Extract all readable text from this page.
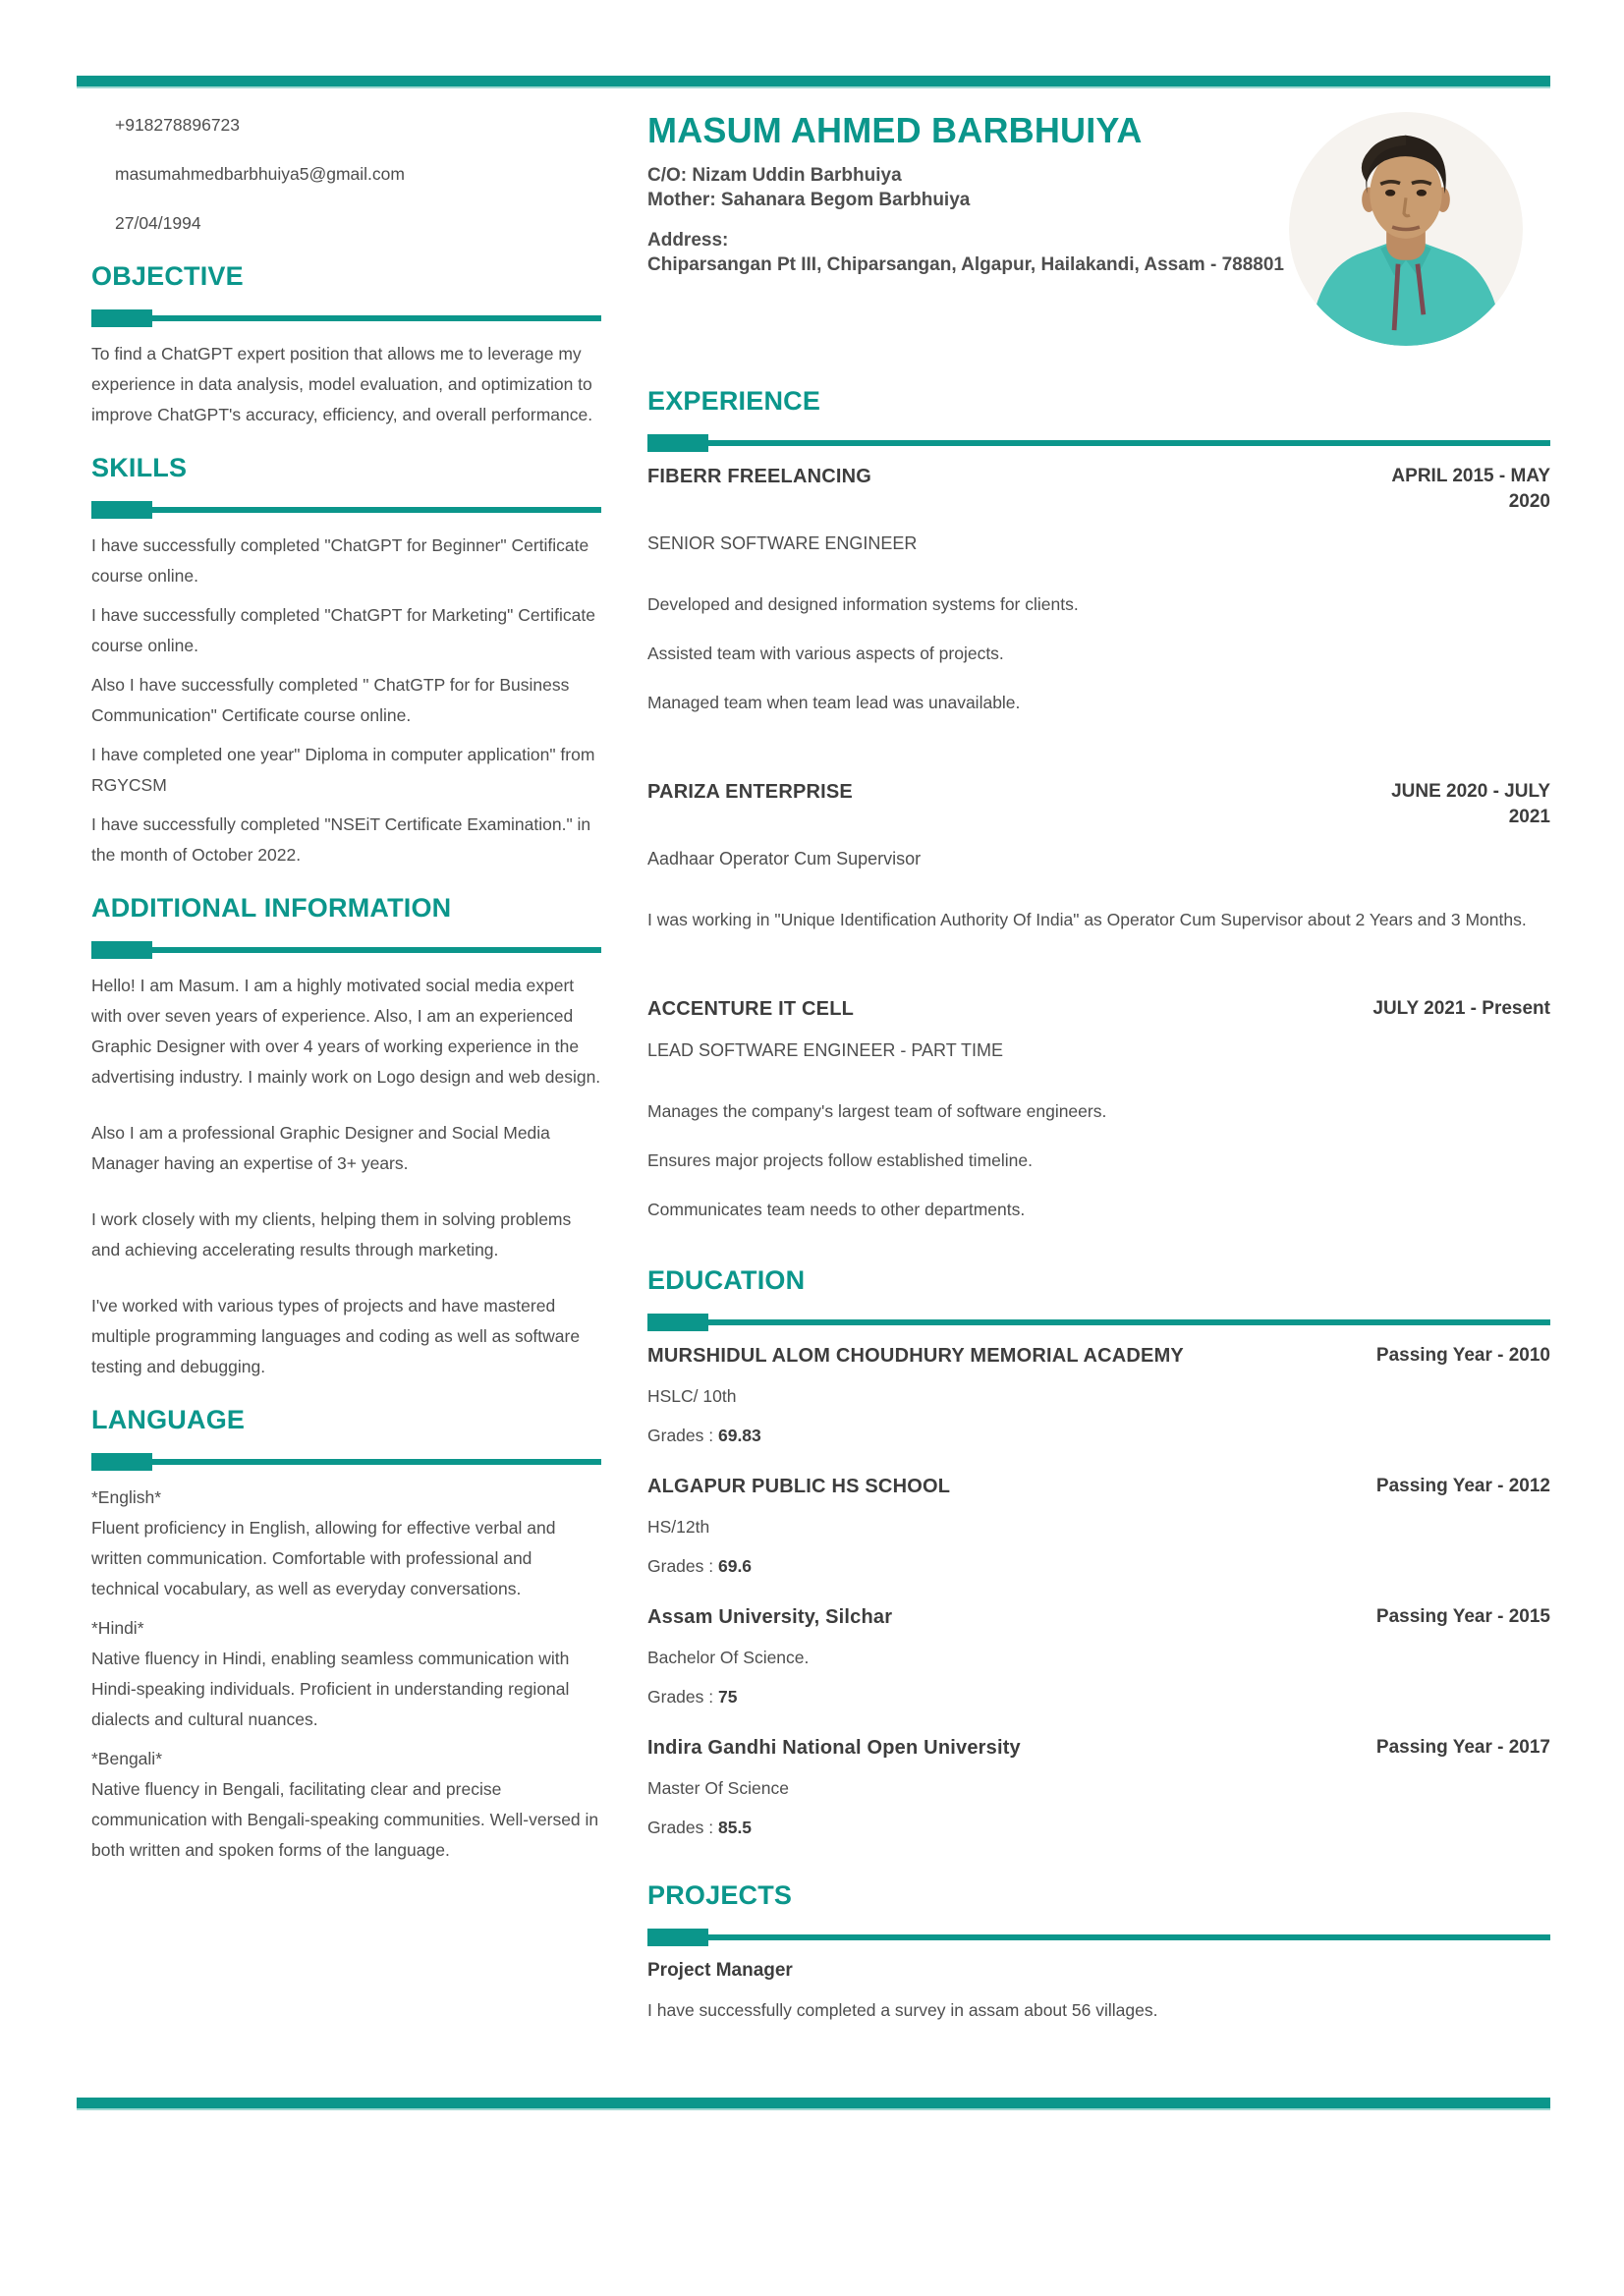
+918278896723

masumahmedbarbhuiya5@gmail.com

27/04/1994

OBJECTIVE

To find a ChatGPT expert position that allows me to leverage my experience in data analysis, model evaluation, and optimization to improve ChatGPT's accuracy, efficiency, and overall performance.

SKILLS

I have successfully completed "ChatGPT for Beginner" Certificate course online.

I have successfully completed "ChatGPT for Marketing" Certificate course online.

Also I have successfully completed " ChatGTP for for Business Communication" Certificate course online.

I have completed one year" Diploma in computer application" from RGYCSM

I have successfully completed "NSEiT Certificate Examination." in the month of October 2022.

ADDITIONAL INFORMATION

Hello! I am Masum. I am a highly motivated social media expert with over seven years of experience. Also, I am an experienced Graphic Designer with over 4 years of working experience in the advertising industry. I mainly work on Logo design and web design.

Also I am a professional Graphic Designer and Social Media Manager having an expertise of 3+ years.

I work closely with my clients, helping them in solving problems and achieving accelerating results through marketing.

I've worked with various types of projects and have mastered multiple programming languages and coding as well as software testing and debugging.

LANGUAGE

*English*

Fluent proficiency in English, allowing for effective verbal and written communication. Comfortable with professional and technical vocabulary, as well as everyday conversations.

*Hindi*

Native fluency in Hindi, enabling seamless communication with Hindi-speaking individuals. Proficient in understanding regional dialects and cultural nuances.

*Bengali*

Native fluency in Bengali, facilitating clear and precise communication with Bengali-speaking communities. Well-versed in both written and spoken forms of the language.

MASUM AHMED BARBHUIYA

C/O: Nizam Uddin Barbhuiya

Mother: Sahanara Begom Barbhuiya

Address:

Chiparsangan Pt III, Chiparsangan, Algapur, Hailakandi, Assam - 788801

EXPERIENCE
FIBERR FREELANCING	APRIL 2015 - MAY 2020

SENIOR SOFTWARE ENGINEER

Developed and designed information systems for clients.

Assisted team with various aspects of projects.

Managed team when team lead was unavailable.

PARIZA ENTERPRISE	JUNE 2020 - JULY 2021

Aadhaar Operator Cum Supervisor

I was working in "Unique Identification Authority Of India" as Operator Cum Supervisor about 2 Years and 3 Months.

ACCENTURE IT CELL	JULY 2021 - Present

LEAD SOFTWARE ENGINEER - PART TIME

Manages the company's largest team of software engineers.

Ensures major projects follow established timeline.

Communicates team needs to other departments.

EDUCATION
MURSHIDUL ALOM CHOUDHURY MEMORIAL ACADEMY	Passing Year - 2010

HSLC/ 10th

Grades : 69.83

ALGAPUR PUBLIC HS SCHOOL	Passing Year - 2012

HS/12th

Grades : 69.6

Assam University, Silchar	Passing Year - 2015

Bachelor Of Science.

Grades : 75

Indira Gandhi National Open University	Passing Year - 2017

Master Of Science

Grades : 85.5

PROJECTS

Project Manager

I have successfully completed a survey in assam about 56 villages.
